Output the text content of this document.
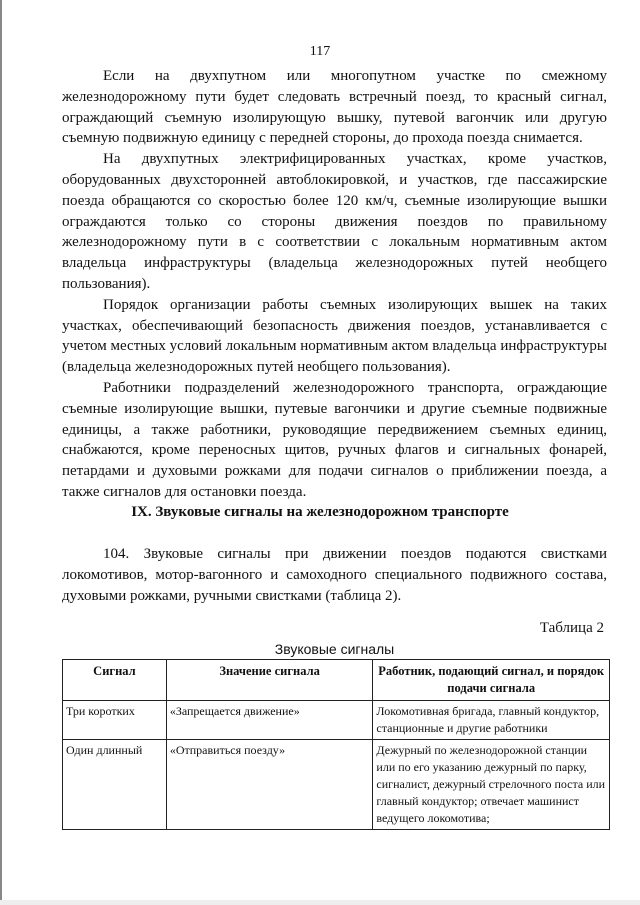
117

Если на двухпутном или многопутном участке по смежному железнодорожному пути будет следовать встречный поезд, то красный сигнал, ограждающий съемную изолирующую вышку, путевой вагончик или другую съемную подвижную единицу с передней стороны, до прохода поезда снимается.

На двухпутных электрифицированных участках, кроме участков, оборудованных двухсторонней автоблокировкой, и участков, где пассажирские поезда обращаются со скоростью более 120 км/ч, съемные изолирующие вышки ограждаются только со стороны движения поездов по правильному железнодорожному пути в с соответствии с локальным нормативным актом владельца инфраструктуры (владельца железнодорожных путей необщего пользования).

Порядок организации работы съемных изолирующих вышек на таких участках, обеспечивающий безопасность движения поездов, устанавливается с учетом местных условий локальным нормативным актом владельца инфраструктуры (владельца железнодорожных путей необщего пользования).

Работники подразделений железнодорожного транспорта, ограждающие съемные изолирующие вышки, путевые вагончики и другие съемные подвижные единицы, а также работники, руководящие передвижением съемных единиц, снабжаются, кроме переносных щитов, ручных флагов и сигнальных фонарей, петардами и духовыми рожками для подачи сигналов о приближении поезда, а также сигналов для остановки поезда.

IX. Звуковые сигналы на железнодорожном транспорте

104. Звуковые сигналы при движении поездов подаются свистками локомотивов, мотор-вагонного и самоходного специального подвижного состава, духовыми рожками, ручными свистками (таблица 2).

Таблица 2
Звуковые сигналы
Сигнал	Значение сигнала	Работник, подающий сигнал, и порядок подачи сигнала
Три коротких	«Запрещается движение»	Локомотивная бригада, главный кондуктор, станционные и другие работники
Один длинный	«Отправиться поезду»	Дежурный по железнодорожной станции или по его указанию дежурный по парку, сигналист, дежурный стрелочного поста или главный кондуктор; отвечает машинист ведущего локомотива;
